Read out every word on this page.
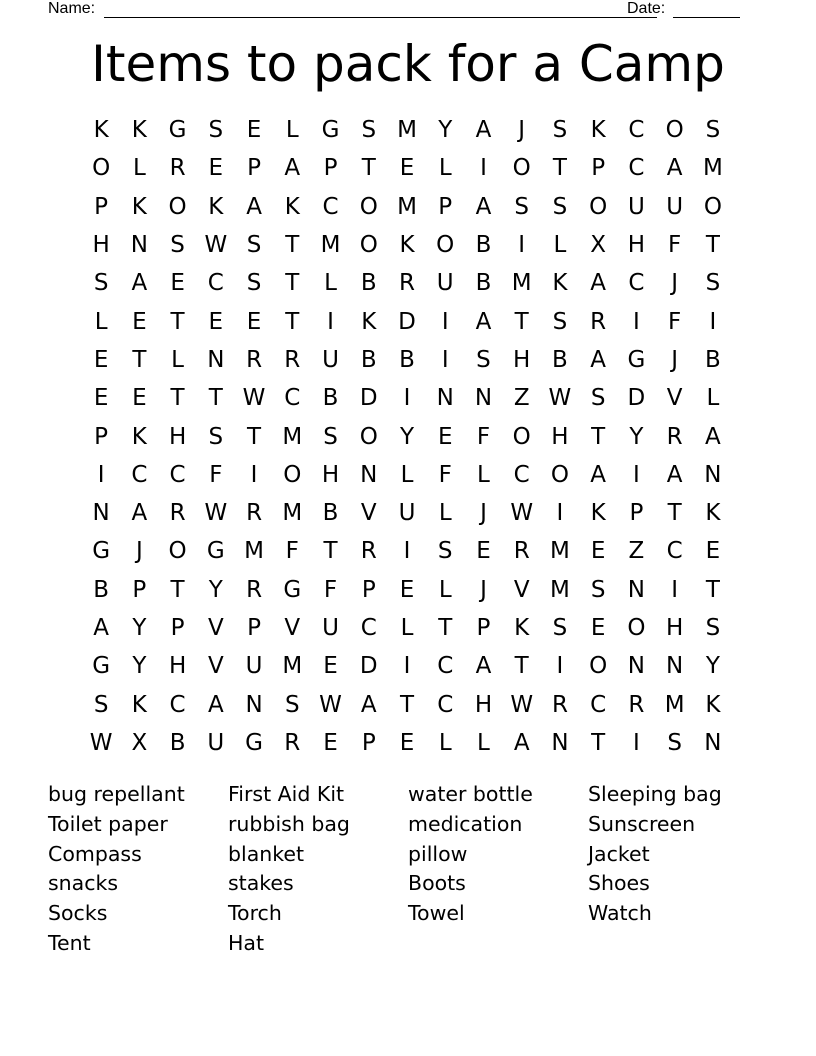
Name:	Date:
Items to pack for a Camp
K	K G S	E	L G S M Y	A	J	S	K C O S
O L	R E	P	A	P	T	E	L	I	O T	P	C A M
P	K O K A K C O M P	A	S	S O U U O
H N S W S	T M O K O B	I	L	X H F	T
S	A	E C S	T	L	B R U B M K A C	J	S
L	E	T	E	E	T	I	K D	I	A	T	S R	I	F	I
E	T	L	N R R U B B	I	S H B A G	J	B
E	E	T	T W C B D	I	N N Z W S D V	L
P	K H S	T M S O Y	E	F O H T	Y	R A
I	C C	F	I	O H N	L	F	L	C O A	I	A N
N A R W R M B V U	L	J	W	I	K	P	T	K
G	J	O G M F	T	R	I	S	E R M E	Z C E
B	P	T	Y	R G F	P	E	L	J	V M S N	I	T
A	Y	P	V	P	V U C	L	T	P	K	S	E O H S
G Y H V U M E D	I	C A	T	I	O N N Y
S	K C A N S W A	T	C H W R C R M K
W X B U G R E	P	E	L	L	A N T	I	S N
bug repellant	First Aid Kit	water bottle	Sleeping bag
Toilet paper	rubbish bag	medication	Sunscreen
Compass	blanket	pillow	Jacket
snacks	stakes	Boots	Shoes
Socks	Torch	Towel	Watch
Tent	Hat
